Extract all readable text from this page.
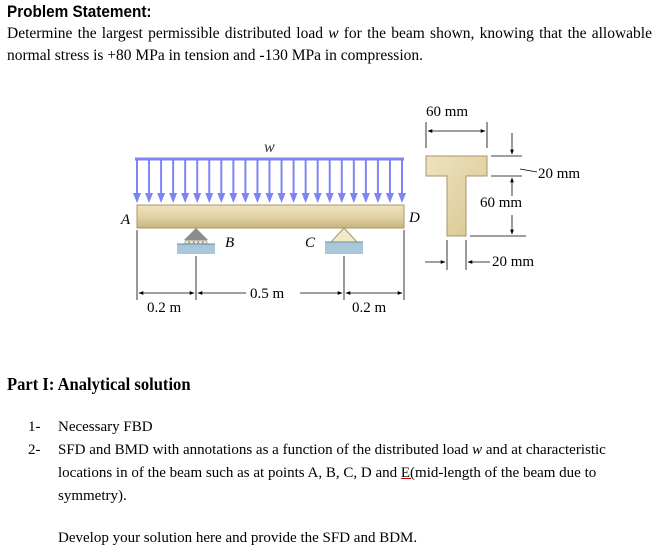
Problem Statement:

Determine the largest permissible distributed load w for the beam shown, knowing that the allowable normal stress is +80 MPa in tension and -130 MPa in compression.

w
A	D
B	C
0.2 m
0.5 m
0.2 m
60 mm
20 mm
60 mm
20 mm
Part I: Analytical solution
1- Necessary FBD
2- SFD and BMD with annotations as a function of the distributed load w and at characteristic locations in of the beam such as at points A, B, C, D and E(mid-length of the beam due to symmetry).

Develop your solution here and provide the SFD and BDM.
